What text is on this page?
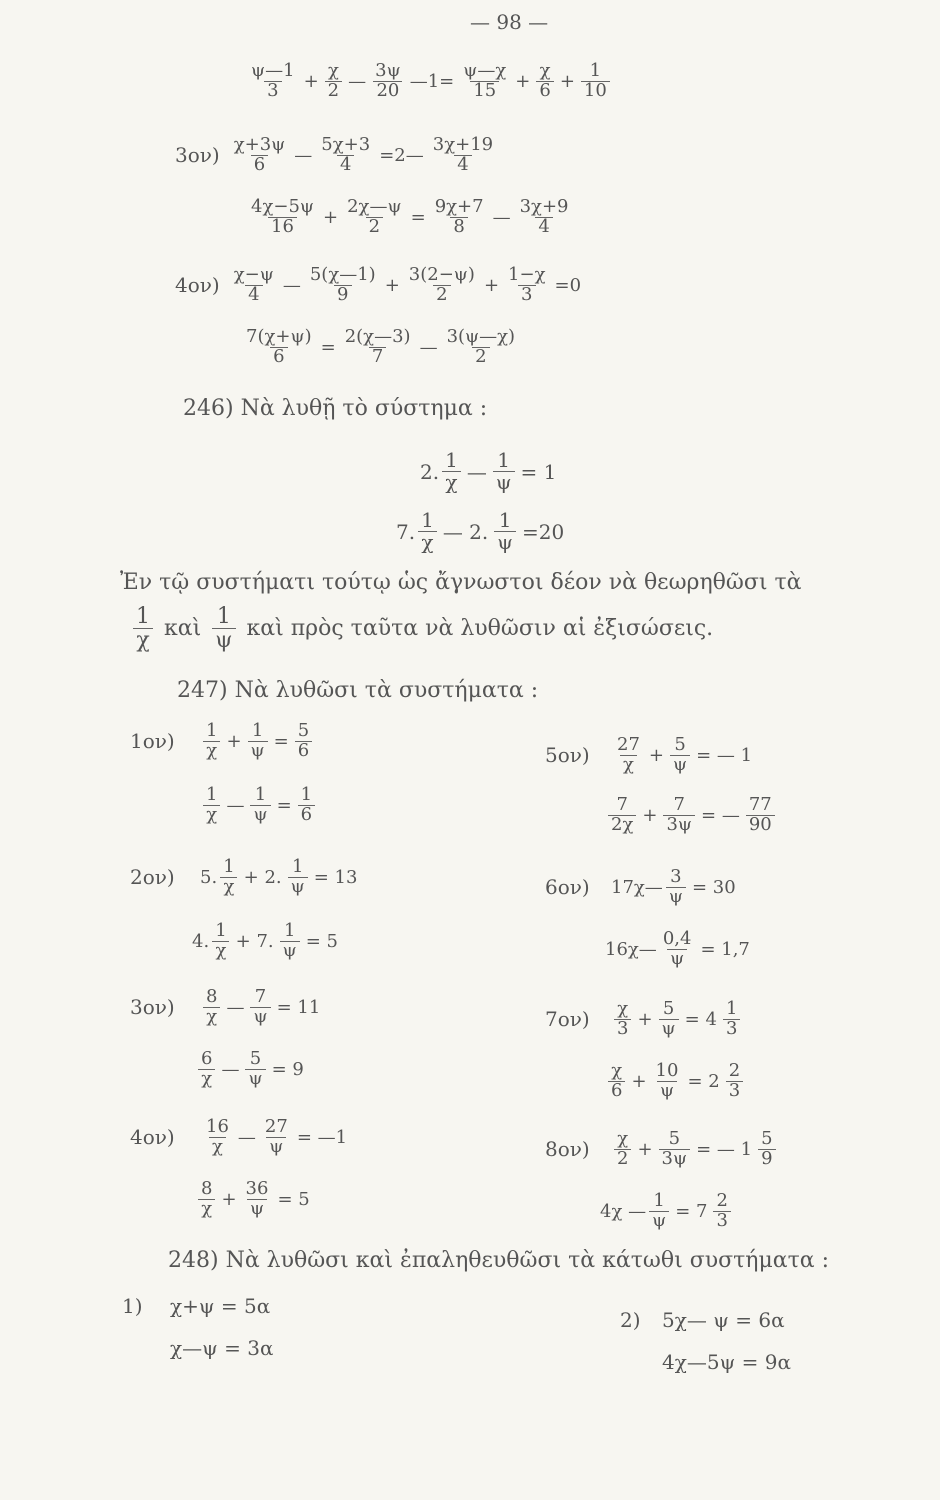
— 98 —
ψ—1
$3 + \frac{\chi}{2}$ —
3ψ
20 —1= $\frac{\psi—\chi}{15} + \frac{\chi}{6} + \frac{1}{10}$
3ον) χ+3ψ
6 — $\frac{5\chi+3}{4}$ =2—
3χ+19
4
4χ−5ψ
$16 + \frac{2\chi—\psi}{2} = \frac{9\chi+7}{8}$ —
3χ+9
4
4ον) χ−ψ
4 —
5(χ—1)
$9 + \frac{3(2-\psi)}{2} + \frac{1-\chi}{3} =0$
$\frac{7(\chi+\psi)}{6} = \frac{2(\chi—3)}{7}$ —
3(ψ—χ)
2
246) Νὰ λυθῇ τὸ σύστημα :
2. 1
χ — $\frac{1}{\psi} = 1$
7. 1
χ — 2. $\frac{1}{\psi} =20$
Ἐν τῷ συστήματι τούτῳ ὡς ἄγνωστοι δέον νὰ θεωρηθῶσι τὰ
1
χ καὶ 1
ψ καὶ πρὸς ταῦτα νὰ λυθῶσιν αἱ ἐξισώσεις.
247) Νὰ λυθῶσι τὰ συστήματα :
1ον)	1
$\chi + \frac{1}{\psi} = \frac{5}{6}$
1
χ — $\frac{1}{\psi} = \frac{1}{6}$
2ον)	5.
1
χ + 2. $\frac{1}{\psi} = 13$
4.
1
χ + 7. $\frac{1}{\psi} = 5$
3ον)	8
χ — $\frac{7}{\psi} = 11$
6
χ — $\frac{5}{\psi} = 9$
4ον)	16
χ — $\frac{27}{\psi}$ = —1
8
$\chi + \frac{36}{\psi} = 5$
5ον)	27
$\chi + \frac{5}{\psi}$ = — 1
7
$2\chi + \frac{7}{3\psi}$ = —
77
90
6ον)	17χ— $\frac{3}{\psi} = 30$
16χ— $\frac{0,4}{\psi} = 1,7$
7ον)	χ
$3 + \frac{5}{\psi} = 4$
1
3
χ
$6 + \frac{10}{\psi} = 2$
2
3
8ον)	χ
$2 + \frac{5}{3\psi}$ = — 1
5
9
4χ — $\frac{1}{\psi} = 7$
2
3
248) Νὰ λυθῶσι καὶ ἐπαληθευθῶσι τὰ κάτωθι συστήματα :
1) χ+ψ = 5α
χ—ψ = 3α
2) 5χ— ψ = 6α
4χ—5ψ = 9α
